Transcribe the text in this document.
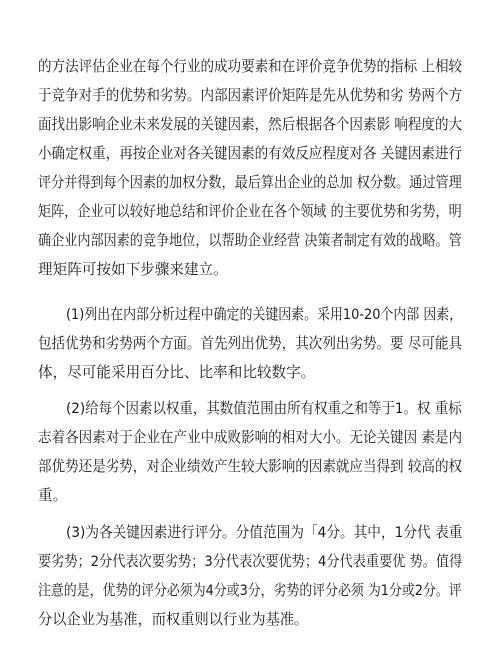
的方法评估企业在每个行业的成功要素和在评价竞争优势的指标 上相较
于竞争对手的优势和劣势。内部因素评价矩阵是先从优势和劣 势两个方
面找出影响企业未来发展的关键因素，然后根据各个因素影 响程度的大
小确定权重，再按企业对各关键因素的有效反应程度对各 关键因素进行
评分并得到每个因素的加权分数，最后算出企业的总加 权分数。通过管理
矩阵，企业可以较好地总结和评价企业在各个领域 的主要优势和劣势，明
确企业内部因素的竞争地位，以帮助企业经营 决策者制定有效的战略。管
理矩阵可按如下步骤来建立。
(1)列出在内部分析过程中确定的关键因素。采用10-20个内部 因素，
包括优势和劣势两个方面。首先列出优势，其次列出劣势。要 尽可能具
体，尽可能采用百分比、比率和比较数字。
(2)给每个因素以权重，其数值范围由所有权重之和等于1。权 重标
志着各因素对于企业在产业中成败影响的相对大小。无论关键因 素是内
部优势还是劣势，对企业绩效产生较大影响的因素就应当得到 较高的权
重。
(3)为各关键因素进行评分。分值范围为「4分。其中，1分代 表重
要劣势；2分代表次要劣势；3分代表次要优势；4分代表重要优 势。值得
注意的是，优势的评分必须为4分或3分，劣势的评分必须 为1分或2分。评
分以企业为基准，而权重则以行业为基准。
